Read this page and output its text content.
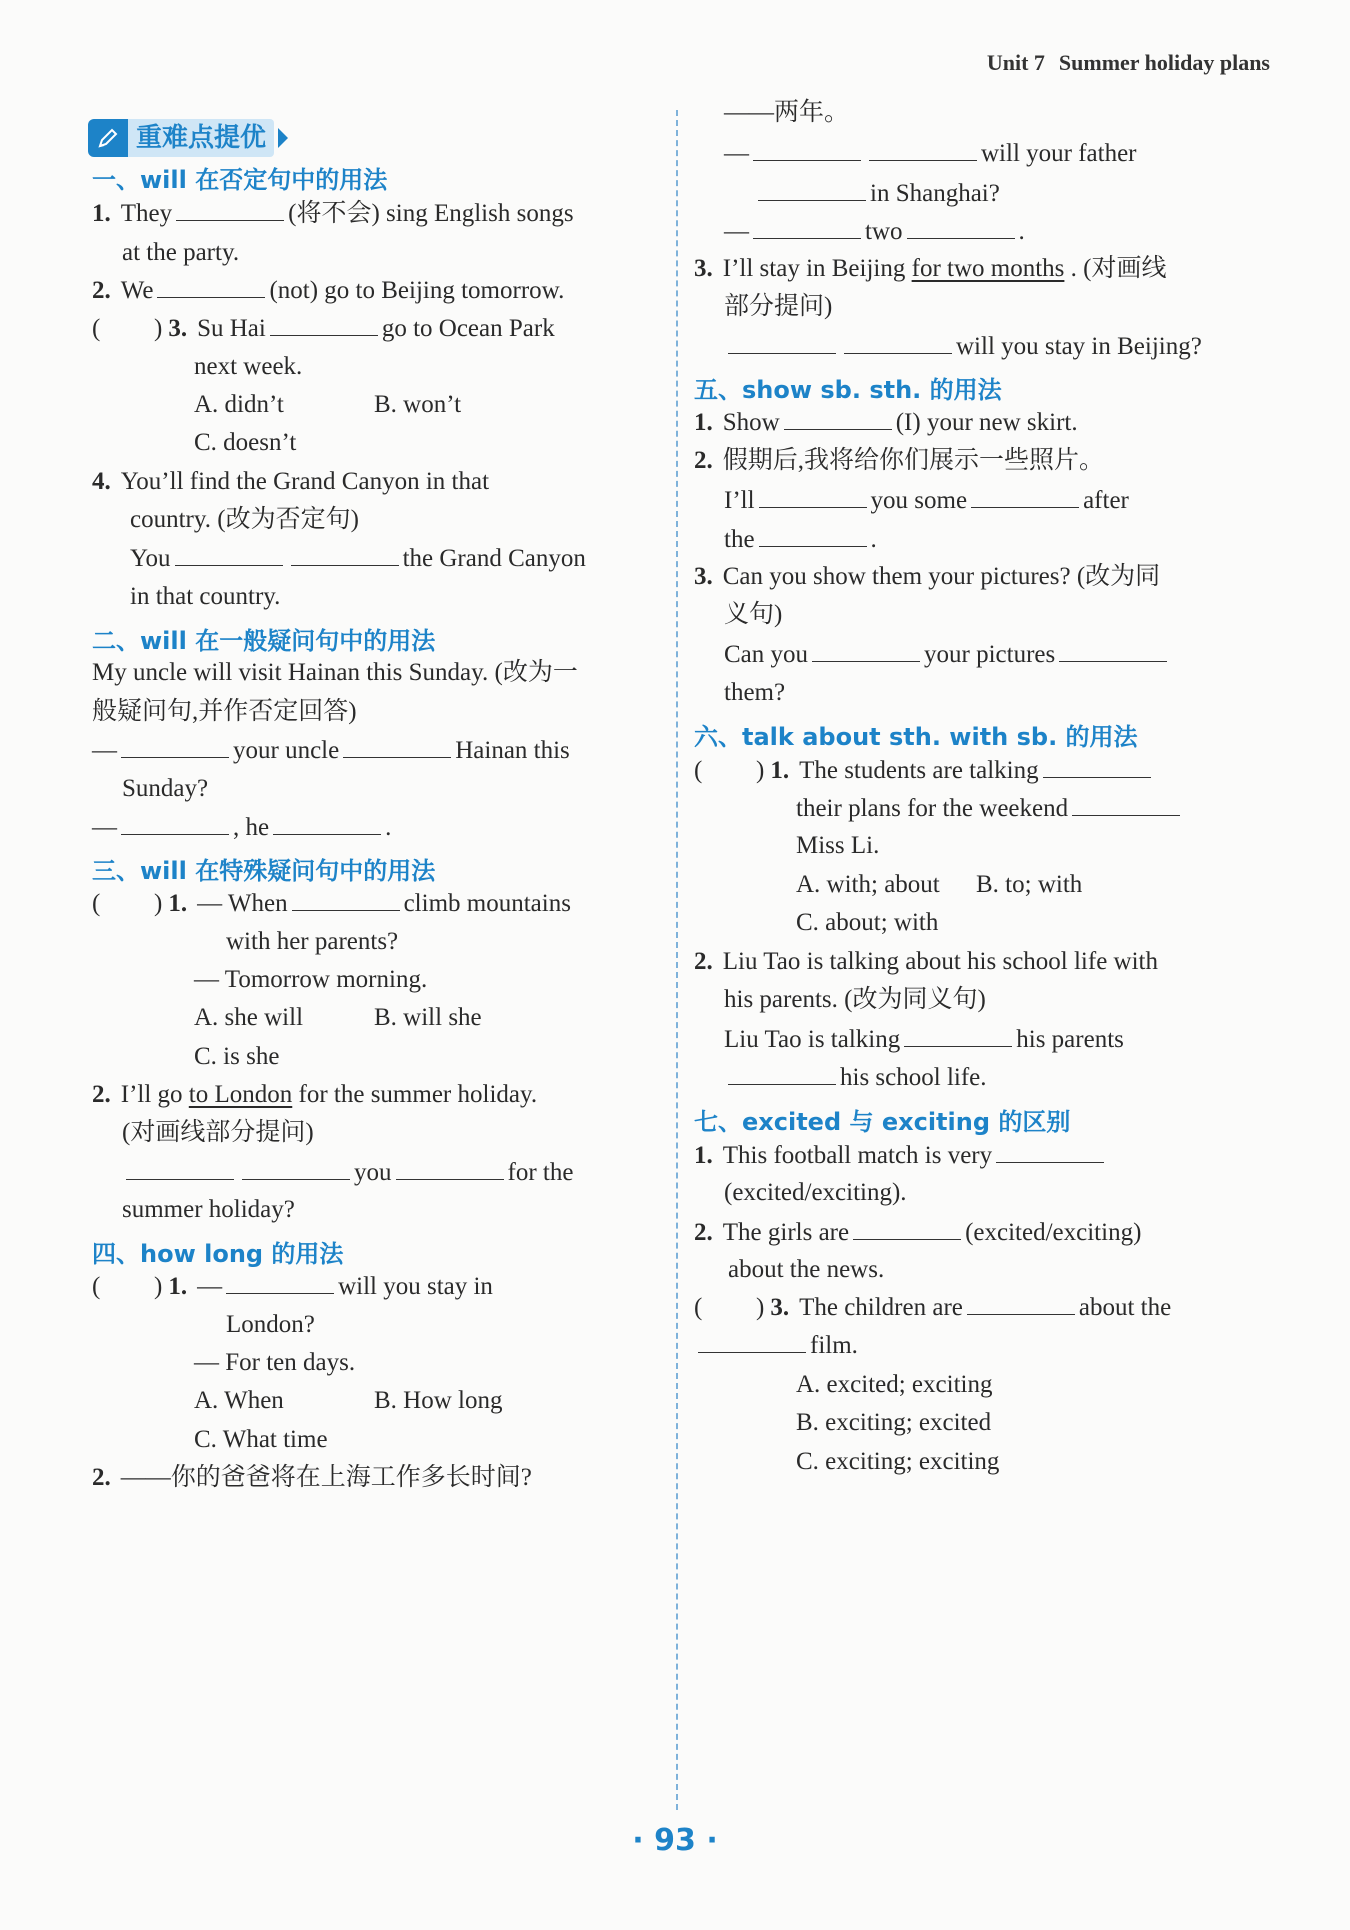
Unit 7 Summer holiday plans
重难点提优
一、will 在否定句中的用法
1. They	(将不会) sing English songs
at the party.
2. We	(not) go to Beijing tomorrow.
( ) 3. Su Hai	go to Ocean Park
next week.
A. didn’t	B. won’t
C. doesn’t
4. You’ll find the Grand Canyon in that
country. (改为否定句)
You	the Grand Canyon
in that country.
二、will 在一般疑问句中的用法
My uncle will visit Hainan this Sunday. (改为一
般疑问句,并作否定回答)
—	your uncle	Hainan this
Sunday?
—	, he	.
三、will 在特殊疑问句中的用法
( ) 1. — When	climb mountains
with her parents?
— Tomorrow morning.
A. she will	B. will she
C. is she
2. I’ll go to London for the summer holiday.
(对画线部分提问)
you	for the
summer holiday?
四、how long 的用法
( ) 1. —	will you stay in
London?
— For ten days.
A. When	B. How long
C. What time
2. ——你的爸爸将在上海工作多长时间?
——两年。
—	will your father
in Shanghai?
—	two	.
3. I’ll stay in Beijing for two months . (对画线
部分提问)
will you stay in Beijing?
五、show sb. sth. 的用法
1. Show	(I) your new skirt.
2. 假期后,我将给你们展示一些照片。
I’ll	you some	after
the	.
3. Can you show them your pictures? (改为同
义句)
Can you	your pictures
them?
六、talk about sth. with sb. 的用法
( ) 1. The students are talking
their plans for the weekend
Miss Li.
A. with; about B. to; with
C. about; with
2. Liu Tao is talking about his school life with
his parents. (改为同义句)
Liu Tao is talking	his parents
his school life.
七、excited 与 exciting 的区别
1. This football match is very
(excited/exciting).
2. The girls are	(excited/exciting)
about the news.
( ) 3. The children are	about the
film.
A. excited; exciting
B. exciting; excited
C. exciting; exciting
· 93 ·
